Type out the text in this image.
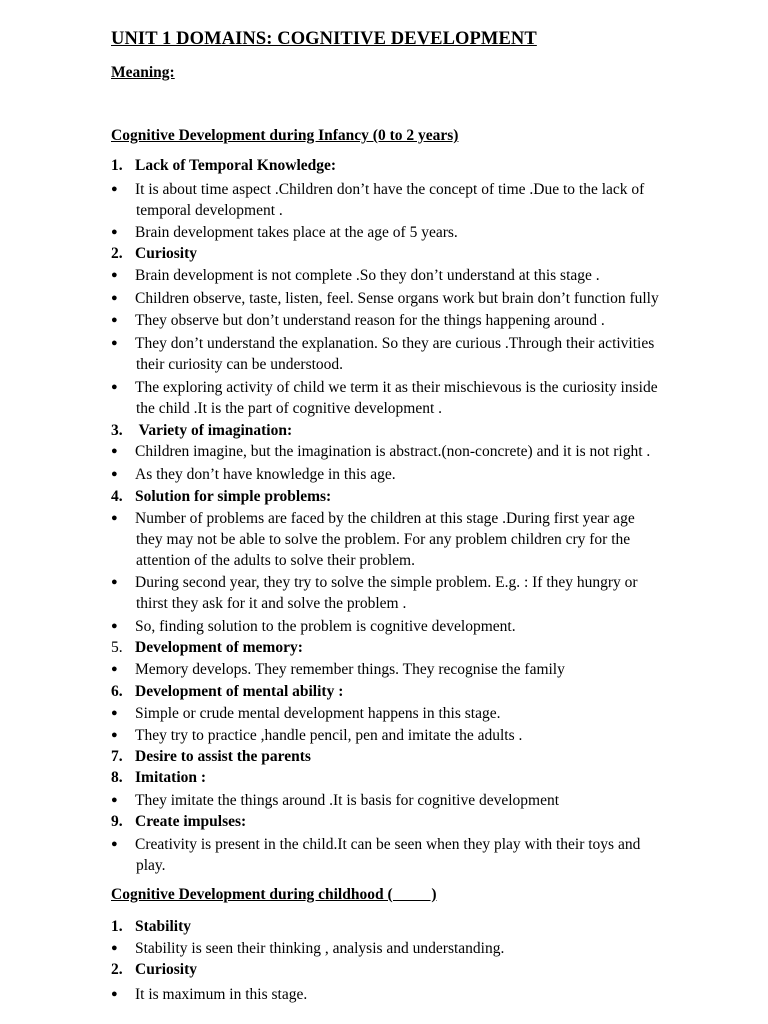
UNIT 1 DOMAINS: COGNITIVE DEVELOPMENT
Meaning:
Cognitive Development during Infancy (0 to 2 years)
1. Lack of Temporal Knowledge:
● It is about time aspect .Children don’t have the concept of time .Due to the lack of
temporal development .
● Brain development takes place at the age of 5 years.
2. Curiosity
● Brain development is not complete .So they don’t understand at this stage .
● Children observe, taste, listen, feel. Sense organs work but brain don’t function fully
● They observe but don’t understand reason for the things happening around .
● They don’t understand the explanation. So they are curious .Through their activities
their curiosity can be understood.
● The exploring activity of child we term it as their mischievous is the curiosity inside
the child .It is the part of cognitive development .
3. Variety of imagination:
● Children imagine, but the imagination is abstract.(non-concrete) and it is not right .
● As they don’t have knowledge in this age.
4. Solution for simple problems:
● Number of problems are faced by the children at this stage .During first year age
they may not be able to solve the problem. For any problem children cry for the
attention of the adults to solve their problem.
● During second year, they try to solve the simple problem. E.g. : If they hungry or
thirst they ask for it and solve the problem .
● So, finding solution to the problem is cognitive development.
5. Development of memory:
● Memory develops. They remember things. They recognise the family
6. Development of mental ability :
● Simple or crude mental development happens in this stage.
● They try to practice ,handle pencil, pen and imitate the adults .
7. Desire to assist the parents
8. Imitation :
● They imitate the things around .It is basis for cognitive development
9. Create impulses:
● Creativity is present in the child.It can be seen when they play with their toys and
play.
Cognitive Development during childhood (          )
1. Stability
● Stability is seen their thinking , analysis and understanding.
2. Curiosity
● It is maximum in this stage.
